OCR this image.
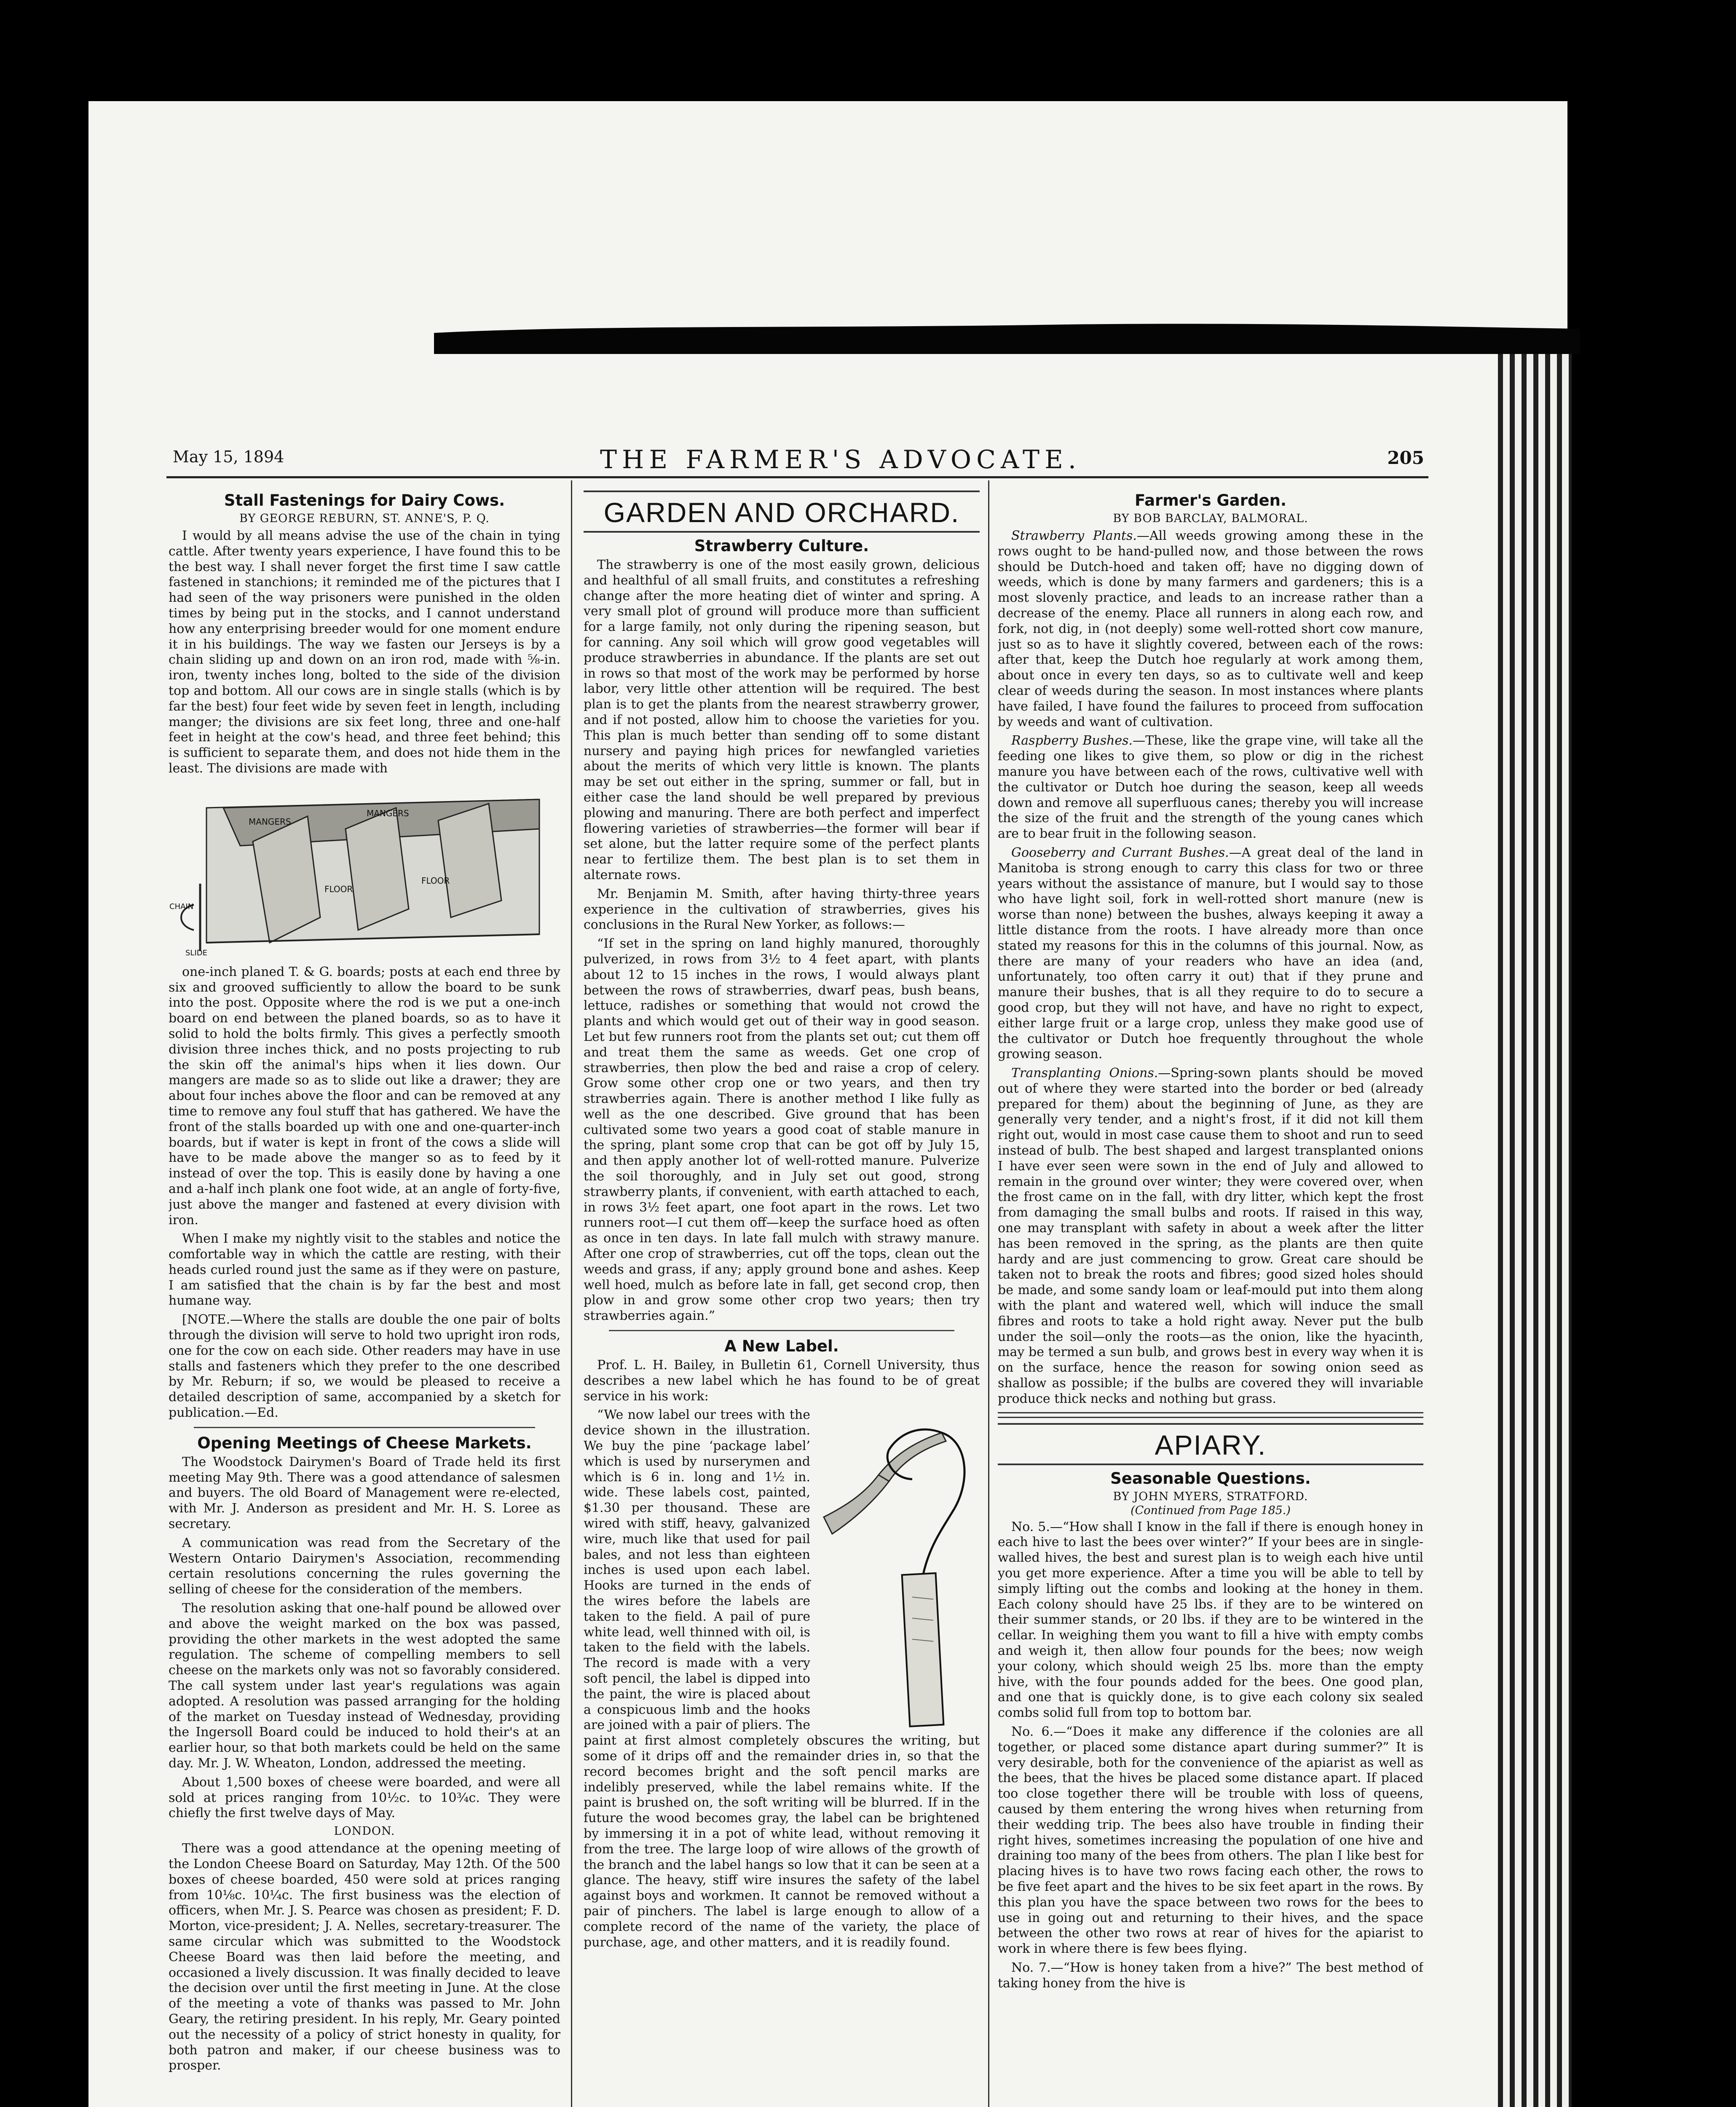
May 15, 1894	THE FARMER'S ADVOCATE.	205
Stall Fastenings for Dairy Cows.
BY GEORGE REBURN, ST. ANNE'S, P. Q.

I would by all means advise the use of the chain in tying cattle. After twenty years experience, I have found this to be the best way. I shall never forget the first time I saw cattle fastened in stanchions; it reminded me of the pictures that I had seen of the way prisoners were punished in the olden times by being put in the stocks, and I cannot understand how any enterprising breeder would for one moment endure it in his buildings. The way we fasten our Jerseys is by a chain sliding up and down on an iron rod, made with ⅝-in. iron, twenty inches long, bolted to the side of the division top and bottom. All our cows are in single stalls (which is by far the best) four feet wide by seven feet in length, including manger; the divisions are six feet long, three and one-half feet in height at the cow's head, and three feet behind; this is sufficient to separate them, and does not hide them in the least. The divisions are made with

MANGERS
MANGERS
FLOOR
FLOOR
CHAIN
SLIDE

one-inch planed T. & G. boards; posts at each end three by six and grooved sufficiently to allow the board to be sunk into the post. Opposite where the rod is we put a one-inch board on end between the planed boards, so as to have it solid to hold the bolts firmly. This gives a perfectly smooth division three inches thick, and no posts projecting to rub the skin off the animal's hips when it lies down. Our mangers are made so as to slide out like a drawer; they are about four inches above the floor and can be removed at any time to remove any foul stuff that has gathered. We have the front of the stalls boarded up with one and one-quarter-inch boards, but if water is kept in front of the cows a slide will have to be made above the manger so as to feed by it instead of over the top. This is easily done by having a one and a-half inch plank one foot wide, at an angle of forty-five, just above the manger and fastened at every division with iron.

When I make my nightly visit to the stables and notice the comfortable way in which the cattle are resting, with their heads curled round just the same as if they were on pasture, I am satisfied that the chain is by far the best and most humane way.

[NOTE.—Where the stalls are double the one pair of bolts through the division will serve to hold two upright iron rods, one for the cow on each side. Other readers may have in use stalls and fasteners which they prefer to the one described by Mr. Reburn; if so, we would be pleased to receive a detailed description of same, accompanied by a sketch for publication.—Ed.

Opening Meetings of Cheese Markets.

The Woodstock Dairymen's Board of Trade held its first meeting May 9th. There was a good attendance of salesmen and buyers. The old Board of Management were re-elected, with Mr. J. Anderson as president and Mr. H. S. Loree as secretary.

A communication was read from the Secretary of the Western Ontario Dairymen's Association, recommending certain resolutions concerning the rules governing the selling of cheese for the consideration of the members.

The resolution asking that one-half pound be allowed over and above the weight marked on the box was passed, providing the other markets in the west adopted the same regulation. The scheme of compelling members to sell cheese on the markets only was not so favorably considered. The call system under last year's regulations was again adopted. A resolution was passed arranging for the holding of the market on Tuesday instead of Wednesday, providing the Ingersoll Board could be induced to hold their's at an earlier hour, so that both markets could be held on the same day. Mr. J. W. Wheaton, London, addressed the meeting.

About 1,500 boxes of cheese were boarded, and were all sold at prices ranging from 10½c. to 10¾c. They were chiefly the first twelve days of May.

LONDON.

There was a good attendance at the opening meeting of the London Cheese Board on Saturday, May 12th. Of the 500 boxes of cheese boarded, 450 were sold at prices ranging from 10⅛c. 10¼c. The first business was the election of officers, when Mr. J. S. Pearce was chosen as president; F. D. Morton, vice-president; J. A. Nelles, secretary-treasurer. The same circular which was submitted to the Woodstock Cheese Board was then laid before the meeting, and occasioned a lively discussion. It was finally decided to leave the decision over until the first meeting in June. At the close of the meeting a vote of thanks was passed to Mr. John Geary, the retiring president. In his reply, Mr. Geary pointed out the necessity of a policy of strict honesty in quality, for both patron and maker, if our cheese business was to prosper.

GARDEN AND ORCHARD.
Strawberry Culture.

The strawberry is one of the most easily grown, delicious and healthful of all small fruits, and constitutes a refreshing change after the more heating diet of winter and spring. A very small plot of ground will produce more than sufficient for a large family, not only during the ripening season, but for canning. Any soil which will grow good vegetables will produce strawberries in abundance. If the plants are set out in rows so that most of the work may be performed by horse labor, very little other attention will be required. The best plan is to get the plants from the nearest strawberry grower, and if not posted, allow him to choose the varieties for you. This plan is much better than sending off to some distant nursery and paying high prices for newfangled varieties about the merits of which very little is known. The plants may be set out either in the spring, summer or fall, but in either case the land should be well prepared by previous plowing and manuring. There are both perfect and imperfect flowering varieties of strawberries—the former will bear if set alone, but the latter require some of the perfect plants near to fertilize them. The best plan is to set them in alternate rows.

Mr. Benjamin M. Smith, after having thirty-three years experience in the cultivation of strawberries, gives his conclusions in the Rural New Yorker, as follows:—

“If set in the spring on land highly manured, thoroughly pulverized, in rows from 3½ to 4 feet apart, with plants about 12 to 15 inches in the rows, I would always plant between the rows of strawberries, dwarf peas, bush beans, lettuce, radishes or something that would not crowd the plants and which would get out of their way in good season. Let but few runners root from the plants set out; cut them off and treat them the same as weeds. Get one crop of strawberries, then plow the bed and raise a crop of celery. Grow some other crop one or two years, and then try strawberries again. There is another method I like fully as well as the one described. Give ground that has been cultivated some two years a good coat of stable manure in the spring, plant some crop that can be got off by July 15, and then apply another lot of well-rotted manure. Pulverize the soil thoroughly, and in July set out good, strong strawberry plants, if convenient, with earth attached to each, in rows 3½ feet apart, one foot apart in the rows. Let two runners root—I cut them off—keep the surface hoed as often as once in ten days. In late fall mulch with strawy manure. After one crop of strawberries, cut off the tops, clean out the weeds and grass, if any; apply ground bone and ashes. Keep well hoed, mulch as before late in fall, get second crop, then plow in and grow some other crop two years; then try strawberries again.”

A New Label.

Prof. L. H. Bailey, in Bulletin 61, Cornell University, thus describes a new label which he has found to be of great service in his work:

“We now label our trees with the device shown in the illustration. We buy the pine ‘package label’ which is used by nurserymen and which is 6 in. long and 1½ in. wide. These labels cost, painted, $1.30 per thousand. These are wired with stiff, heavy, galvanized wire, much like that used for pail bales, and not less than eighteen inches is used upon each label. Hooks are turned in the ends of the wires before the labels are taken to the field. A pail of pure white lead, well thinned with oil, is taken to the field with the labels. The record is made with a very soft pencil, the label is dipped into the paint, the wire is placed about a conspicuous limb and the hooks are joined with a pair of pliers. The paint at first almost completely obscures the writing, but some of it drips off and the remainder dries in, so that the record becomes bright and the soft pencil marks are indelibly preserved, while the label remains white. If the paint is brushed on, the soft writing will be blurred. If in the future the wood becomes gray, the label can be brightened by immersing it in a pot of white lead, without removing it from the tree. The large loop of wire allows of the growth of the branch and the label hangs so low that it can be seen at a glance. The heavy, stiff wire insures the safety of the label against boys and workmen. It cannot be removed without a pair of pinchers. The label is large enough to allow of a complete record of the name of the variety, the place of purchase, age, and other matters, and it is readily found.

Farmer's Garden.
BY BOB BARCLAY, BALMORAL.

Strawberry Plants.—All weeds growing among these in the rows ought to be hand-pulled now, and those between the rows should be Dutch-hoed and taken off; have no digging down of weeds, which is done by many farmers and gardeners; this is a most slovenly practice, and leads to an increase rather than a decrease of the enemy. Place all runners in along each row, and fork, not dig, in (not deeply) some well-rotted short cow manure, just so as to have it slightly covered, between each of the rows: after that, keep the Dutch hoe regularly at work among them, about once in every ten days, so as to cultivate well and keep clear of weeds during the season. In most instances where plants have failed, I have found the failures to proceed from suffocation by weeds and want of cultivation.

Raspberry Bushes.—These, like the grape vine, will take all the feeding one likes to give them, so plow or dig in the richest manure you have between each of the rows, cultivative well with the cultivator or Dutch hoe during the season, keep all weeds down and remove all superfluous canes; thereby you will increase the size of the fruit and the strength of the young canes which are to bear fruit in the following season.

Gooseberry and Currant Bushes.—A great deal of the land in Manitoba is strong enough to carry this class for two or three years without the assistance of manure, but I would say to those who have light soil, fork in well-rotted short manure (new is worse than none) between the bushes, always keeping it away a little distance from the roots. I have already more than once stated my reasons for this in the columns of this journal. Now, as there are many of your readers who have an idea (and, unfortunately, too often carry it out) that if they prune and manure their bushes, that is all they require to do to secure a good crop, but they will not have, and have no right to expect, either large fruit or a large crop, unless they make good use of the cultivator or Dutch hoe frequently throughout the whole growing season.

Transplanting Onions.—Spring-sown plants should be moved out of where they were started into the border or bed (already prepared for them) about the beginning of June, as they are generally very tender, and a night's frost, if it did not kill them right out, would in most case cause them to shoot and run to seed instead of bulb. The best shaped and largest transplanted onions I have ever seen were sown in the end of July and allowed to remain in the ground over winter; they were covered over, when the frost came on in the fall, with dry litter, which kept the frost from damaging the small bulbs and roots. If raised in this way, one may transplant with safety in about a week after the litter has been removed in the spring, as the plants are then quite hardy and are just commencing to grow. Great care should be taken not to break the roots and fibres; good sized holes should be made, and some sandy loam or leaf-mould put into them along with the plant and watered well, which will induce the small fibres and roots to take a hold right away. Never put the bulb under the soil—only the roots—as the onion, like the hyacinth, may be termed a sun bulb, and grows best in every way when it is on the surface, hence the reason for sowing onion seed as shallow as possible; if the bulbs are covered they will invariable produce thick necks and nothing but grass.

APIARY.
Seasonable Questions.
BY JOHN MYERS, STRATFORD.
(Continued from Page 185.)

No. 5.—“How shall I know in the fall if there is enough honey in each hive to last the bees over winter?” If your bees are in single-walled hives, the best and surest plan is to weigh each hive until you get more experience. After a time you will be able to tell by simply lifting out the combs and looking at the honey in them. Each colony should have 25 lbs. if they are to be wintered on their summer stands, or 20 lbs. if they are to be wintered in the cellar. In weighing them you want to fill a hive with empty combs and weigh it, then allow four pounds for the bees; now weigh your colony, which should weigh 25 lbs. more than the empty hive, with the four pounds added for the bees. One good plan, and one that is quickly done, is to give each colony six sealed combs solid full from top to bottom bar.

No. 6.—“Does it make any difference if the colonies are all together, or placed some distance apart during summer?” It is very desirable, both for the convenience of the apiarist as well as the bees, that the hives be placed some distance apart. If placed too close together there will be trouble with loss of queens, caused by them entering the wrong hives when returning from their wedding trip. The bees also have trouble in finding their right hives, sometimes increasing the population of one hive and draining too many of the bees from others. The plan I like best for placing hives is to have two rows facing each other, the rows to be five feet apart and the hives to be six feet apart in the rows. By this plan you have the space between two rows for the bees to use in going out and returning to their hives, and the space between the other two rows at rear of hives for the apiarist to work in where there is few bees flying.

No. 7.—“How is honey taken from a hive?” The best method of taking honey from the hive is
